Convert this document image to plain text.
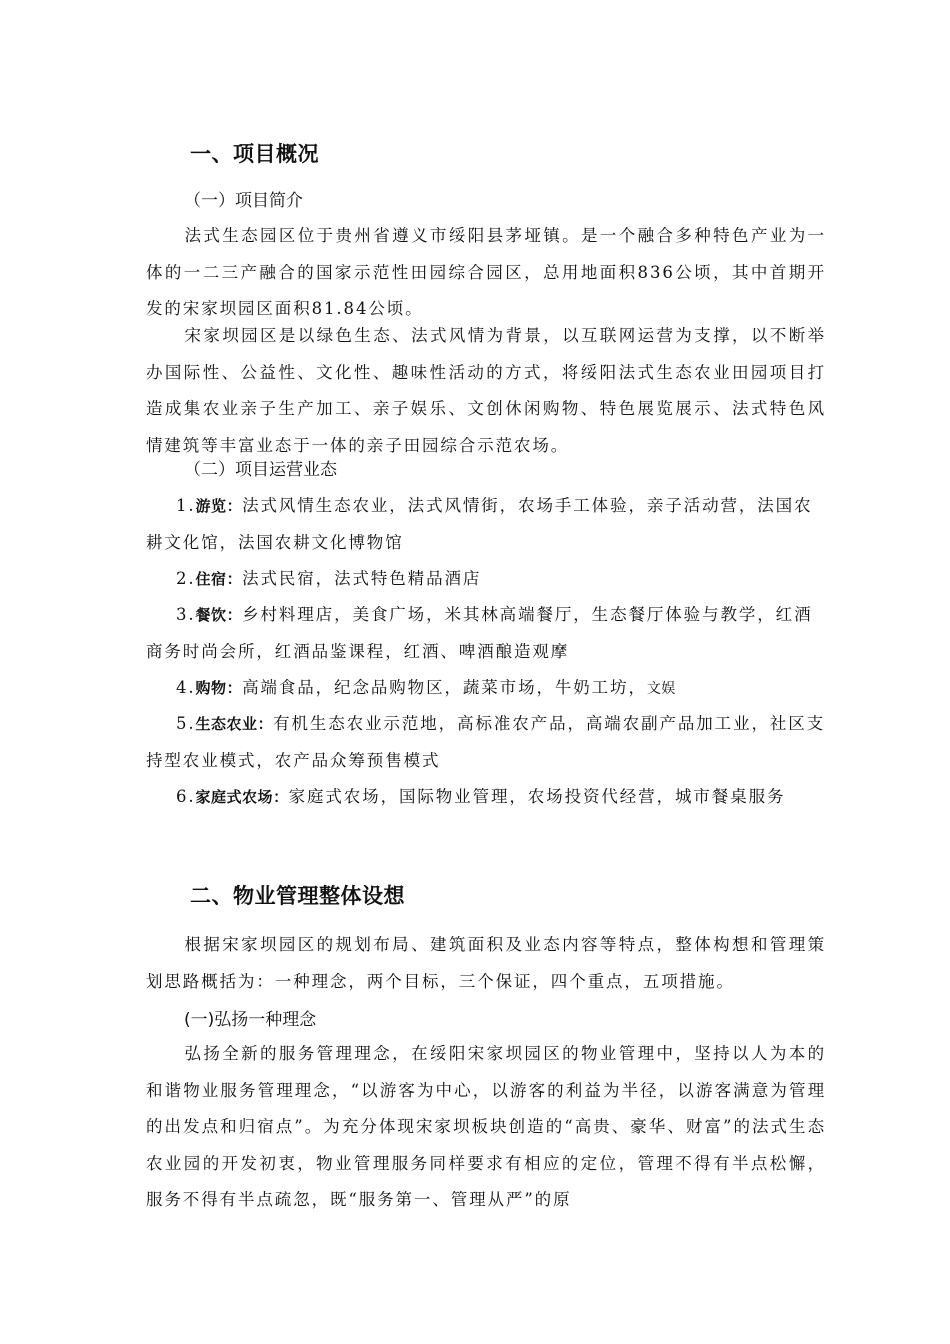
一、项目概况
（一）项目简介

法式生态园区位于贵州省遵义市绥阳县茅垭镇。是一个融合多种特色产业为一体的一二三产融合的国家示范性田园综合园区，总用地面积836公顷，其中首期开发的宋家坝园区面积81.84公顷。

宋家坝园区是以绿色生态、法式风情为背景，以互联网运营为支撑，以不断举办国际性、公益性、文化性、趣味性活动的方式，将绥阳法式生态农业田园项目打造成集农业亲子生产加工、亲子娱乐、文创休闲购物、特色展览展示、法式特色风情建筑等丰富业态于一体的亲子田园综合示范农场。

（二）项目运营业态

1.游览：法式风情生态农业，法式风情街，农场手工体验，亲子活动营，法国农耕文化馆，法国农耕文化博物馆

2.住宿：法式民宿，法式特色精品酒店

3.餐饮：乡村料理店，美食广场，米其林高端餐厅，生态餐厅体验与教学，红酒商务时尚会所，红酒品鉴课程，红酒、啤酒酿造观摩

4.购物：高端食品，纪念品购物区，蔬菜市场，牛奶工坊，文娱

5.生态农业：有机生态农业示范地，高标准农产品，高端农副产品加工业，社区支持型农业模式，农产品众筹预售模式

6.家庭式农场：家庭式农场，国际物业管理，农场投资代经营，城市餐桌服务

二、物业管理整体设想

根据宋家坝园区的规划布局、建筑面积及业态内容等特点，整体构想和管理策划思路概括为：一种理念，两个目标，三个保证，四个重点，五项措施。

(一)弘扬一种理念

弘扬全新的服务管理理念，在绥阳宋家坝园区的物业管理中，坚持以人为本的和谐物业服务管理理念，“以游客为中心，以游客的利益为半径，以游客满意为管理的出发点和归宿点”。为充分体现宋家坝板块创造的“高贵、豪华、财富”的法式生态农业园的开发初衷，物业管理服务同样要求有相应的定位，管理不得有半点松懈，服务不得有半点疏忽，既“服务第一、管理从严”的原
